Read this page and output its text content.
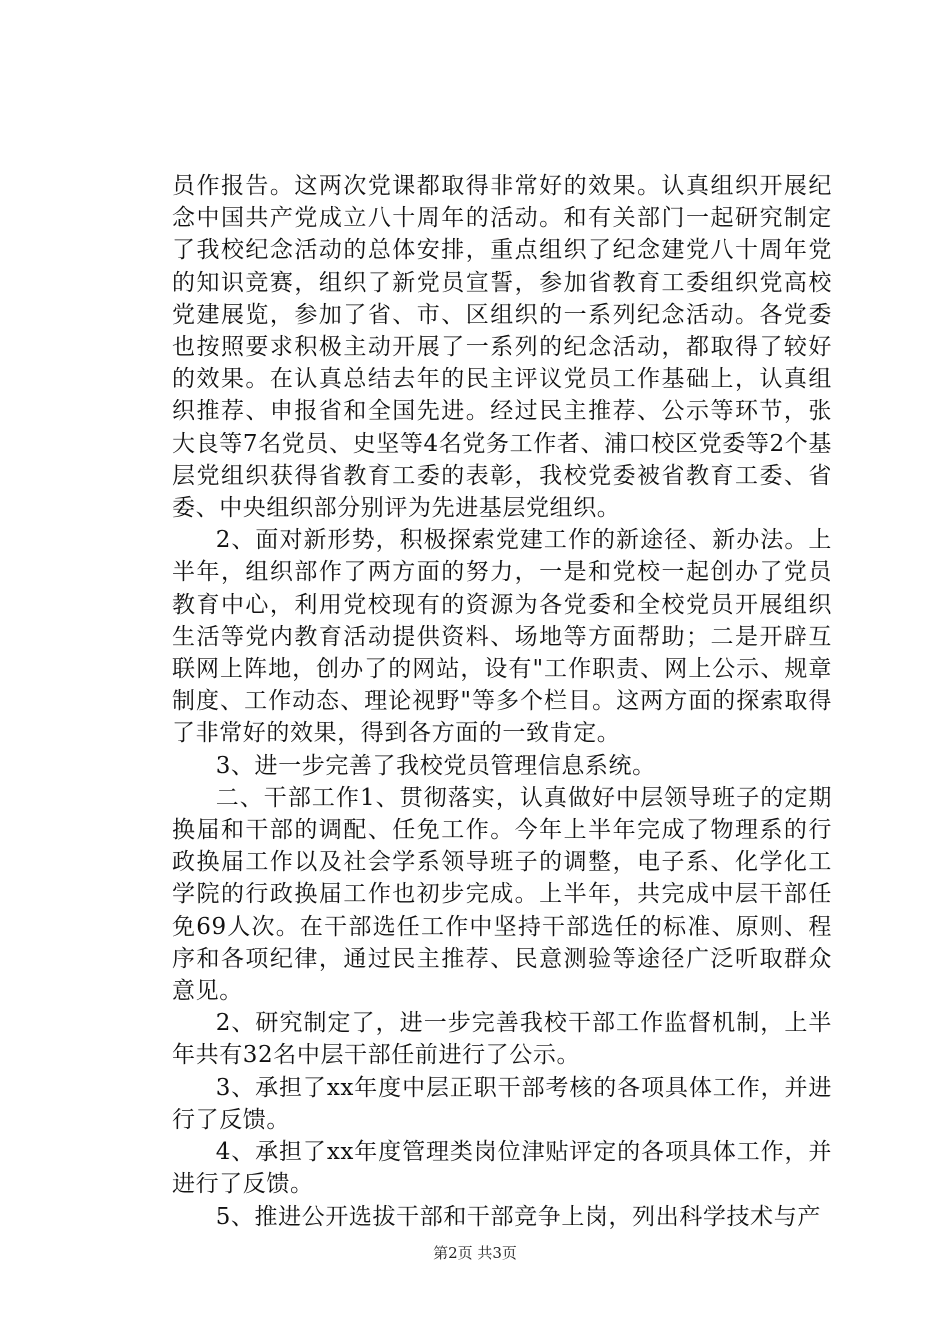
员作报告。这两次党课都取得非常好的效果。认真组织开展纪念中国共产党成立八十周年的活动。和有关部门一起研究制定了我校纪念活动的总体安排，重点组织了纪念建党八十周年党的知识竞赛，组织了新党员宣誓，参加省教育工委组织党高校党建展览，参加了省、市、区组织的一系列纪念活动。各党委也按照要求积极主动开展了一系列的纪念活动，都取得了较好的效果。在认真总结去年的民主评议党员工作基础上，认真组织推荐、申报省和全国先进。经过民主推荐、公示等环节，张大良等7名党员、史坚等4名党务工作者、浦口校区党委等2个基层党组织获得省教育工委的表彰，我校党委被省教育工委、省委、中央组织部分别评为先进基层党组织。

2、面对新形势，积极探索党建工作的新途径、新办法。上半年，组织部作了两方面的努力，一是和党校一起创办了党员教育中心，利用党校现有的资源为各党委和全校党员开展组织生活等党内教育活动提供资料、场地等方面帮助；二是开辟互联网上阵地，创办了的网站，设有"工作职责、网上公示、规章制度、工作动态、理论视野"等多个栏目。这两方面的探索取得了非常好的效果，得到各方面的一致肯定。

3、进一步完善了我校党员管理信息系统。

二、干部工作1、贯彻落实，认真做好中层领导班子的定期换届和干部的调配、任免工作。今年上半年完成了物理系的行政换届工作以及社会学系领导班子的调整，电子系、化学化工学院的行政换届工作也初步完成。上半年，共完成中层干部任免69人次。在干部选任工作中坚持干部选任的标准、原则、程序和各项纪律，通过民主推荐、民意测验等途径广泛听取群众意见。

2、研究制定了，进一步完善我校干部工作监督机制，上半年共有32名中层干部任前进行了公示。

3、承担了xx年度中层正职干部考核的各项具体工作，并进行了反馈。

4、承担了xx年度管理类岗位津贴评定的各项具体工作，并进行了反馈。

5、推进公开选拔干部和干部竞争上岗，列出科学技术与产

第2页 共3页
